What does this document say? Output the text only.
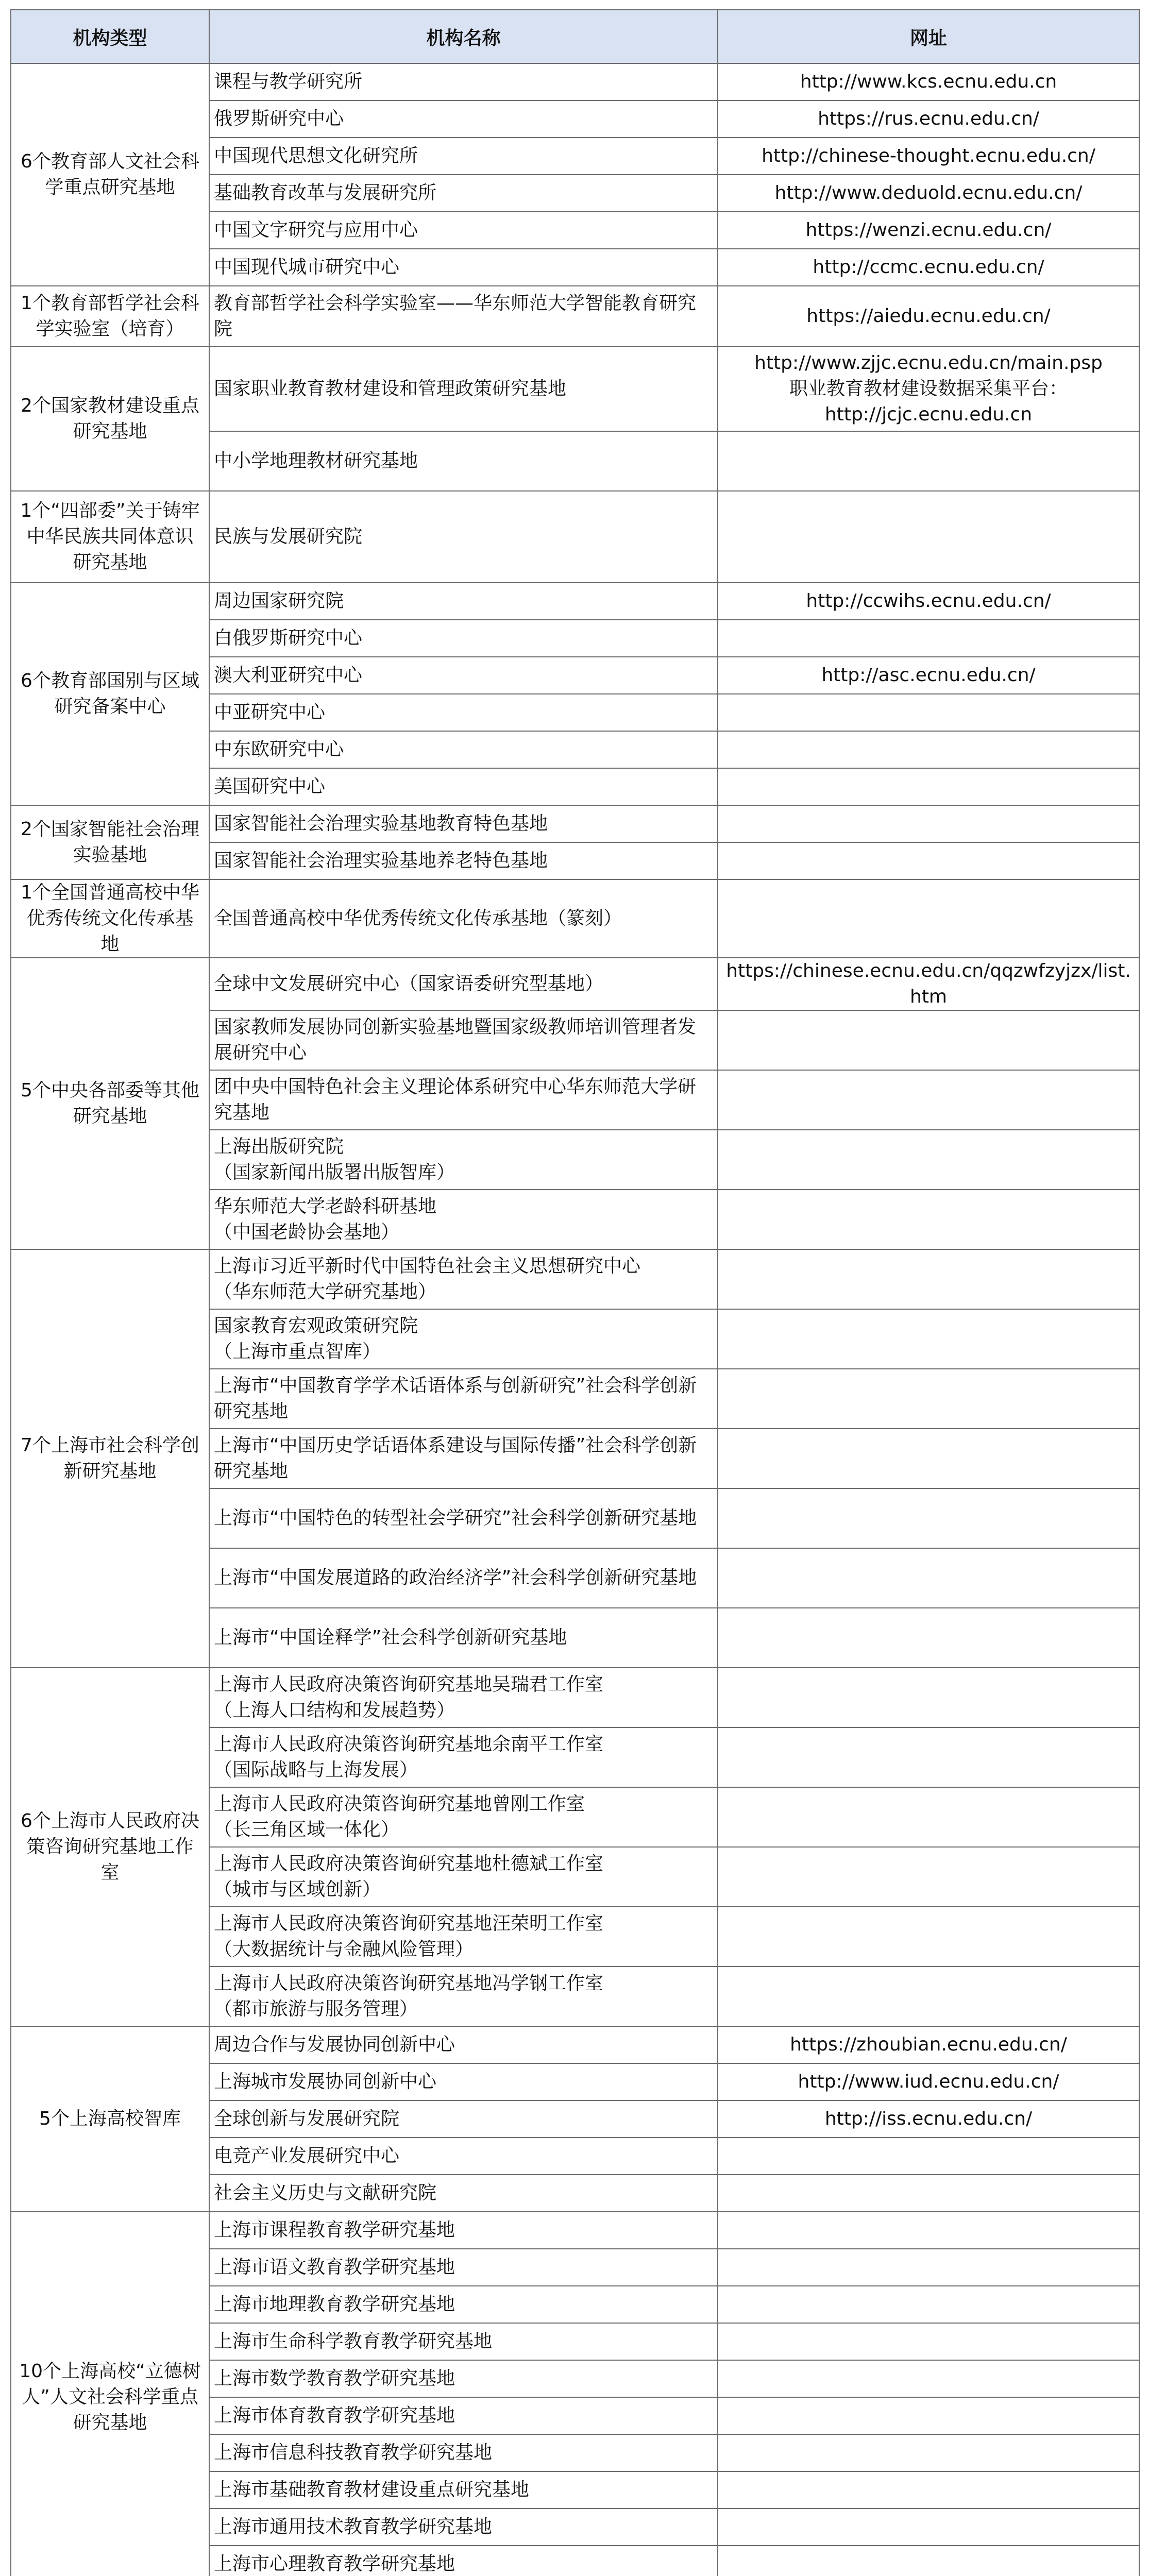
机构类型	机构名称	网址
6个教育部人文社会科学重点研究基地	课程与教学研究所	http://www.kcs.ecnu.edu.cn
	俄罗斯研究中心	https://rus.ecnu.edu.cn/
	中国现代思想文化研究所	http://chinese-thought.ecnu.edu.cn/
	基础教育改革与发展研究所	http://www.deduold.ecnu.edu.cn/
	中国文字研究与应用中心	https://wenzi.ecnu.edu.cn/
	中国现代城市研究中心	http://ccmc.ecnu.edu.cn/
1个教育部哲学社会科学实验室（培育）	教育部哲学社会科学实验室——华东师范大学智能教育研究院	https://aiedu.ecnu.edu.cn/
2个国家教材建设重点研究基地	国家职业教育教材建设和管理政策研究基地	http://www.zjjc.ecnu.edu.cn/main.psp
职业教育教材建设数据采集平台：
http://jcjc.ecnu.edu.cn
	中小学地理教材研究基地	
1个“四部委”关于铸牢中华民族共同体意识研究基地	民族与发展研究院	
6个教育部国别与区域研究备案中心	周边国家研究院	http://ccwihs.ecnu.edu.cn/
	白俄罗斯研究中心	
	澳大利亚研究中心	http://asc.ecnu.edu.cn/
	中亚研究中心	
	中东欧研究中心	
	美国研究中心	
2个国家智能社会治理实验基地	国家智能社会治理实验基地教育特色基地	
	国家智能社会治理实验基地养老特色基地	
1个全国普通高校中华优秀传统文化传承基地	全国普通高校中华优秀传统文化传承基地（篆刻）	
5个中央各部委等其他研究基地	全球中文发展研究中心（国家语委研究型基地）	https://chinese.ecnu.edu.cn/qqzwfzyjzx/list.htm
	国家教师发展协同创新实验基地暨国家级教师培训管理者发展研究中心	
	团中央中国特色社会主义理论体系研究中心华东师范大学研究基地	
	上海出版研究院
（国家新闻出版署出版智库）	
	华东师范大学老龄科研基地
（中国老龄协会基地）	
7个上海市社会科学创新研究基地	上海市习近平新时代中国特色社会主义思想研究中心
（华东师范大学研究基地）	
	国家教育宏观政策研究院
（上海市重点智库）	
	上海市“中国教育学学术话语体系与创新研究”社会科学创新研究基地	
	上海市“中国历史学话语体系建设与国际传播”社会科学创新研究基地	
	上海市“中国特色的转型社会学研究”社会科学创新研究基地	
	上海市“中国发展道路的政治经济学”社会科学创新研究基地	
	上海市“中国诠释学”社会科学创新研究基地	
6个上海市人民政府决策咨询研究基地工作室	上海市人民政府决策咨询研究基地吴瑞君工作室
（上海人口结构和发展趋势）	
	上海市人民政府决策咨询研究基地余南平工作室
（国际战略与上海发展）	
	上海市人民政府决策咨询研究基地曾刚工作室
（长三角区域一体化）	
	上海市人民政府决策咨询研究基地杜德斌工作室
（城市与区域创新）	
	上海市人民政府决策咨询研究基地汪荣明工作室
（大数据统计与金融风险管理）	
	上海市人民政府决策咨询研究基地冯学钢工作室
（都市旅游与服务管理）	
5个上海高校智库	周边合作与发展协同创新中心	https://zhoubian.ecnu.edu.cn/
	上海城市发展协同创新中心	http://www.iud.ecnu.edu.cn/
	全球创新与发展研究院	http://iss.ecnu.edu.cn/
	电竞产业发展研究中心	
	社会主义历史与文献研究院	
10个上海高校“立德树人”人文社会科学重点研究基地	上海市课程教育教学研究基地	
	上海市语文教育教学研究基地	
	上海市地理教育教学研究基地	
	上海市生命科学教育教学研究基地	
	上海市数学教育教学研究基地	
	上海市体育教育教学研究基地	
	上海市信息科技教育教学研究基地	
	上海市基础教育教材建设重点研究基地	
	上海市通用技术教育教学研究基地	
	上海市心理教育教学研究基地	
